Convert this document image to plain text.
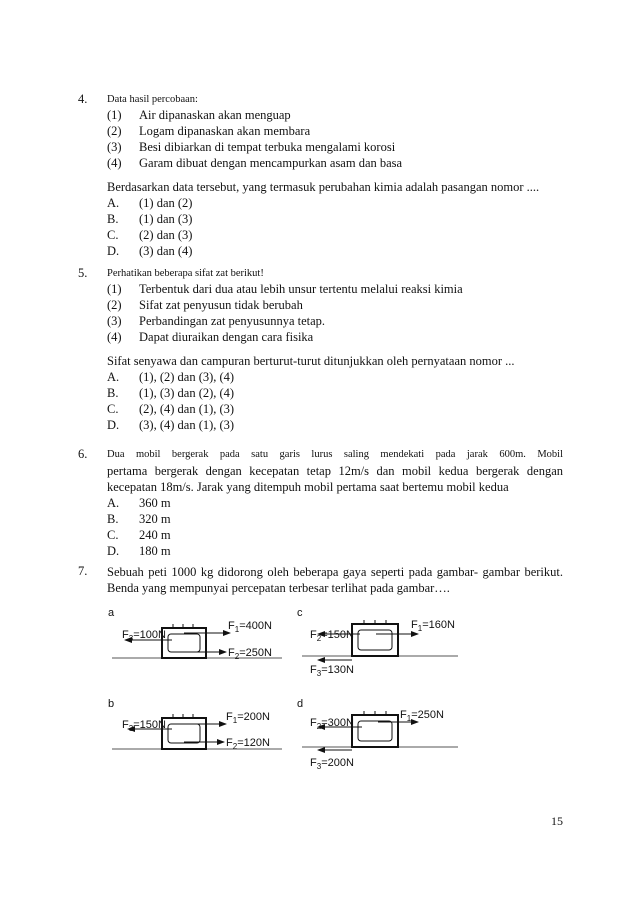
4. Data hasil percobaan:
(1) Air dipanaskan akan menguap
(2) Logam dipanaskan akan membara
(3) Besi dibiarkan di tempat terbuka mengalami korosi
(4) Garam dibuat dengan mencampurkan asam dan basa
Berdasarkan data tersebut, yang termasuk perubahan kimia adalah pasangan nomor ....
A. (1) dan (2)
B. (1) dan (3)
C. (2) dan (3)
D. (3) dan (4)
5. Perhatikan beberapa sifat zat berikut!
(1) Terbentuk dari dua atau lebih unsur tertentu melalui reaksi kimia
(2) Sifat zat penyusun tidak berubah
(3) Perbandingan zat penyusunnya tetap.
(4) Dapat diuraikan dengan cara fisika
Sifat senyawa dan campuran berturut-turut ditunjukkan oleh pernyataan nomor ...
A. (1), (2) dan (3), (4)
B. (1), (3) dan (2), (4)
C. (2), (4) dan (1), (3)
D. (3), (4) dan (1), (3)
6. Dua mobil bergerak pada satu garis lurus saling mendekati pada jarak 600m. Mobil
pertama bergerak dengan kecepatan tetap 12m/s dan mobil kedua bergerak dengan kecepatan 18m/s. Jarak yang ditempuh mobil pertama saat bertemu mobil kedua
A. 360 m
B. 320 m
C. 240 m
D. 180 m
7. Sebuah peti 1000 kg didorong oleh beberapa gaya seperti pada gambar- gambar berikut. Benda yang mempunyai percepatan terbesar terlihat pada gambar….
a
$F_1=400N$
$F_3=100N$
$F_2=250N$
c
$F_1=160N$
$F_2=150N$
$F_3=130N$
b
$F_1=200N$
$F_3=150N$
$F_2=120N$
d
$F_1=250N$
$F_2=300N$
$F_3=200N$
15
